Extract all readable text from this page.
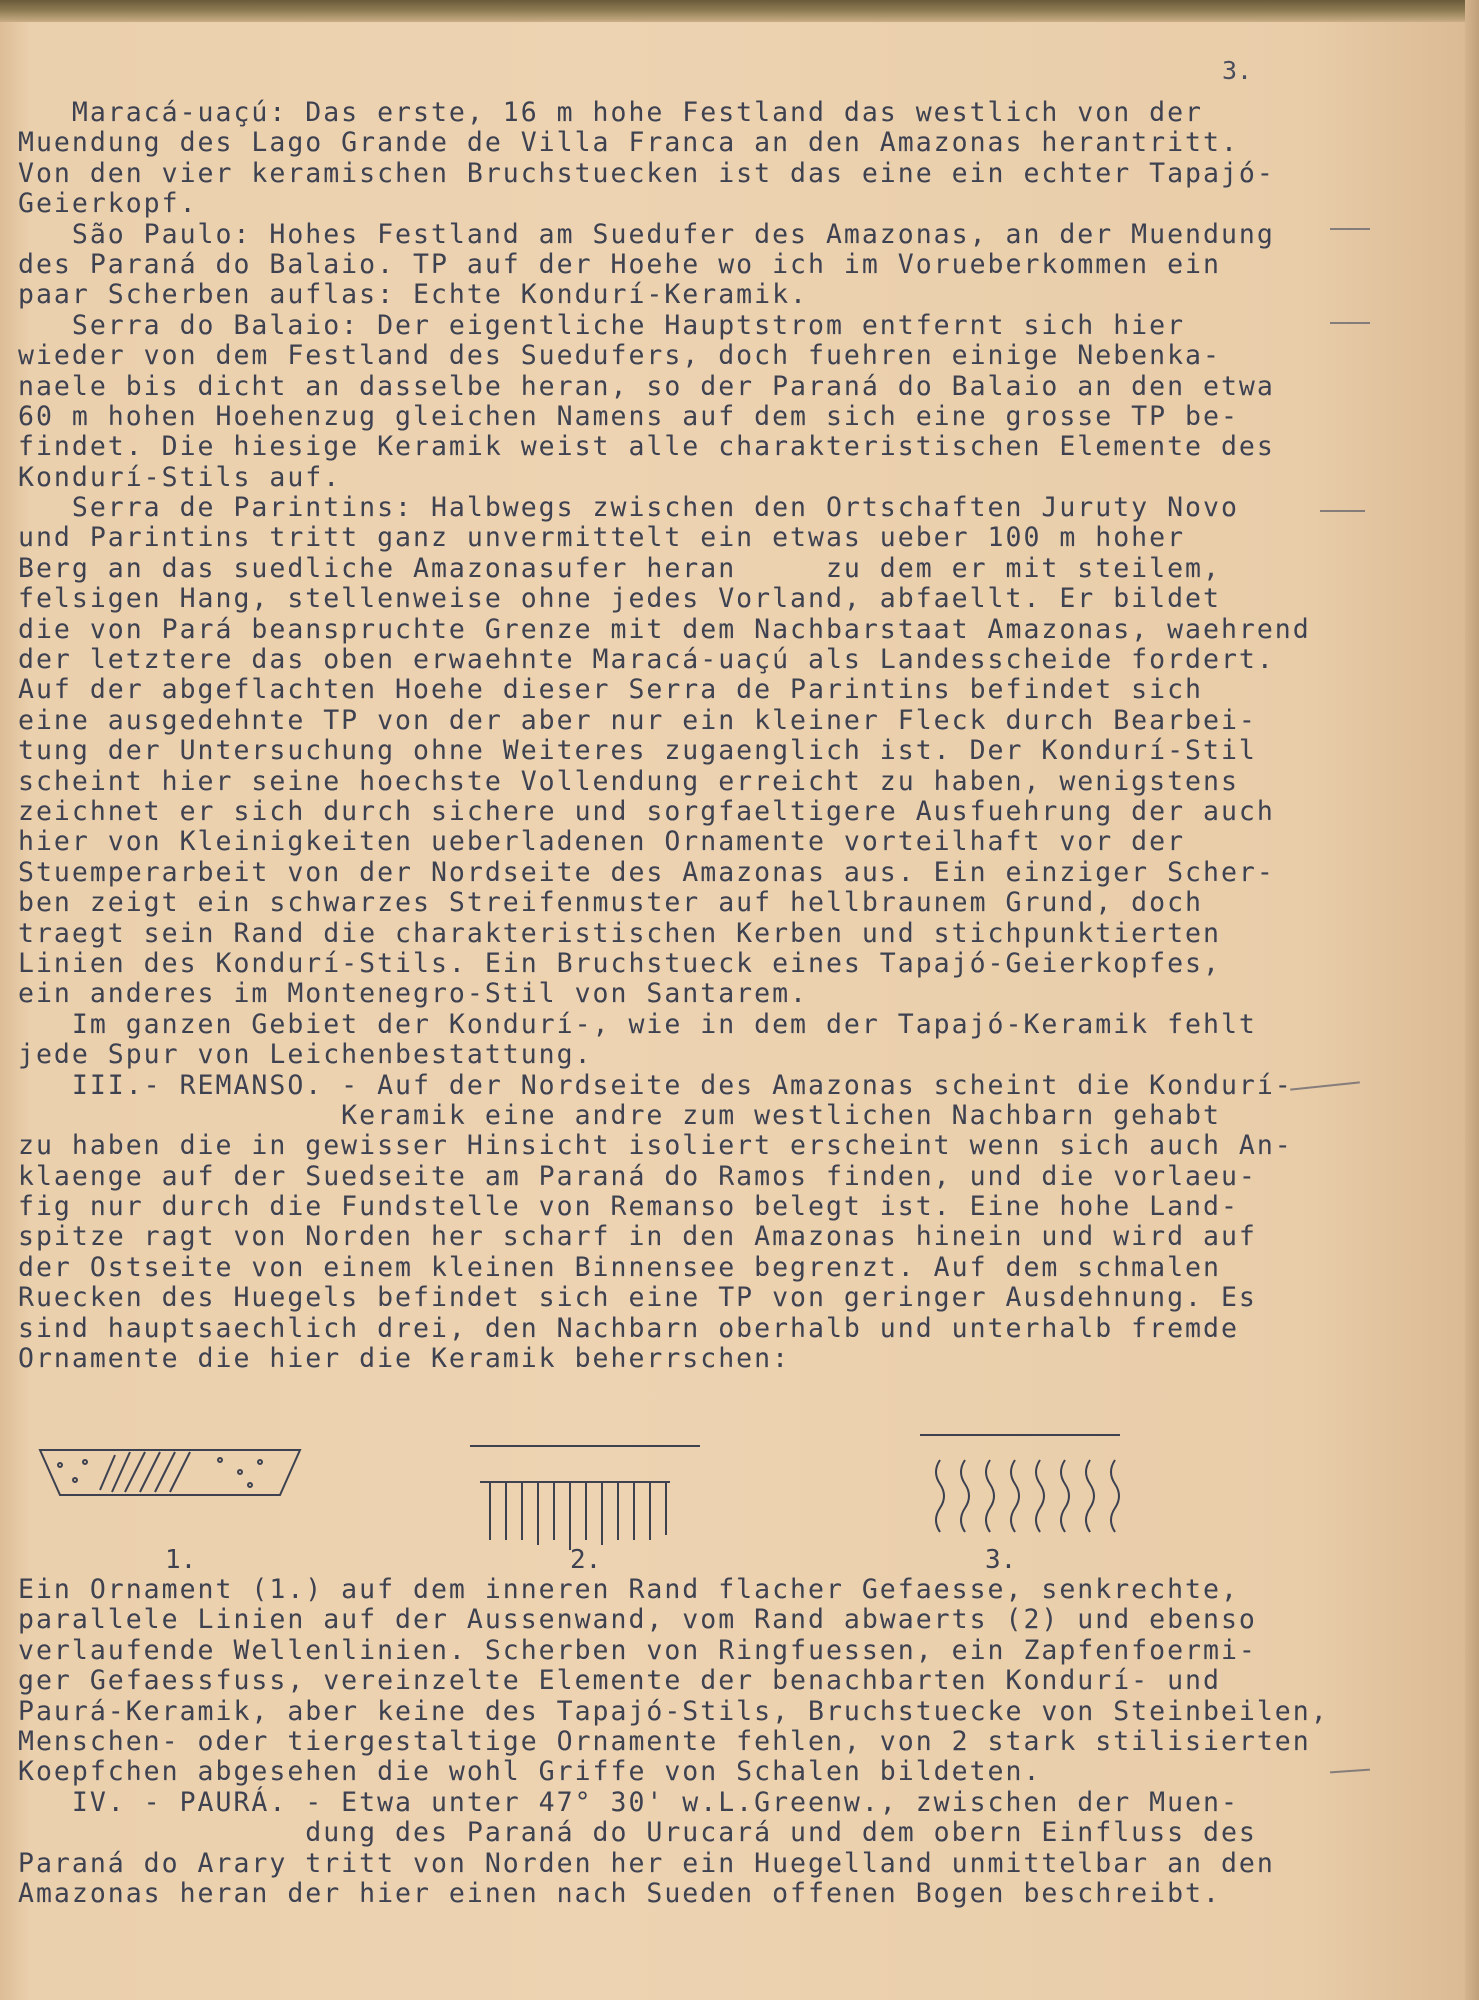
3.
Maracá-uaçú: Das erste, 16 m hohe Festland das westlich von der
Muendung des Lago Grande de Villa Franca an den Amazonas herantritt.
Von den vier keramischen Bruchstuecken ist das eine ein echter Tapajó-
Geierkopf.
São Paulo: Hohes Festland am Suedufer des Amazonas, an der Muendung
des Paraná do Balaio. TP auf der Hoehe wo ich im Vorueberkommen ein
paar Scherben auflas: Echte Kondurí-Keramik.
Serra do Balaio: Der eigentliche Hauptstrom entfernt sich hier
wieder von dem Festland des Suedufers, doch fuehren einige Nebenka-
naele bis dicht an dasselbe heran, so der Paraná do Balaio an den etwa
60 m hohen Hoehenzug gleichen Namens auf dem sich eine grosse TP be-
findet. Die hiesige Keramik weist alle charakteristischen Elemente des
Kondurí-Stils auf.
Serra de Parintins: Halbwegs zwischen den Ortschaften Juruty Novo
und Parintins tritt ganz unvermittelt ein etwas ueber 100 m hoher
Berg an das suedliche Amazonasufer heran     zu dem er mit steilem,
felsigen Hang, stellenweise ohne jedes Vorland, abfaellt. Er bildet
die von Pará beanspruchte Grenze mit dem Nachbarstaat Amazonas, waehrend
der letztere das oben erwaehnte Maracá-uaçú als Landesscheide fordert.
Auf der abgeflachten Hoehe dieser Serra de Parintins befindet sich
eine ausgedehnte TP von der aber nur ein kleiner Fleck durch Bearbei-
tung der Untersuchung ohne Weiteres zugaenglich ist. Der Kondurí-Stil
scheint hier seine hoechste Vollendung erreicht zu haben, wenigstens
zeichnet er sich durch sichere und sorgfaeltigere Ausfuehrung der auch
hier von Kleinigkeiten ueberladenen Ornamente vorteilhaft vor der
Stuemperarbeit von der Nordseite des Amazonas aus. Ein einziger Scher-
ben zeigt ein schwarzes Streifenmuster auf hellbraunem Grund, doch
traegt sein Rand die charakteristischen Kerben und stichpunktierten
Linien des Kondurí-Stils. Ein Bruchstueck eines Tapajó-Geierkopfes,
ein anderes im Montenegro-Stil von Santarem.
Im ganzen Gebiet der Kondurí-, wie in dem der Tapajó-Keramik fehlt
jede Spur von Leichenbestattung.
III.- REMANSO. - Auf der Nordseite des Amazonas scheint die Kondurí-
Keramik eine andre zum westlichen Nachbarn gehabt
zu haben die in gewisser Hinsicht isoliert erscheint wenn sich auch An-
klaenge auf der Suedseite am Paraná do Ramos finden, und die vorlaeu-
fig nur durch die Fundstelle von Remanso belegt ist. Eine hohe Land-
spitze ragt von Norden her scharf in den Amazonas hinein und wird auf
der Ostseite von einem kleinen Binnensee begrenzt. Auf dem schmalen
Ruecken des Huegels befindet sich eine TP von geringer Ausdehnung. Es
sind hauptsaechlich drei, den Nachbarn oberhalb und unterhalb fremde
Ornamente die hier die Keramik beherrschen:
1.	2.	3.
Ein Ornament (1.) auf dem inneren Rand flacher Gefaesse, senkrechte,
parallele Linien auf der Aussenwand, vom Rand abwaerts (2) und ebenso
verlaufende Wellenlinien. Scherben von Ringfuessen, ein Zapfenfoermi-
ger Gefaessfuss, vereinzelte Elemente der benachbarten Kondurí- und
Paurá-Keramik, aber keine des Tapajó-Stils, Bruchstuecke von Steinbeilen,
Menschen- oder tiergestaltige Ornamente fehlen, von 2 stark stilisierten
Koepfchen abgesehen die wohl Griffe von Schalen bildeten.
IV. - PAURÁ. - Etwa unter 47° 30' w.L.Greenw., zwischen der Muen-
dung des Paraná do Urucará und dem obern Einfluss des
Paraná do Arary tritt von Norden her ein Huegelland unmittelbar an den
Amazonas heran der hier einen nach Sueden offenen Bogen beschreibt.
